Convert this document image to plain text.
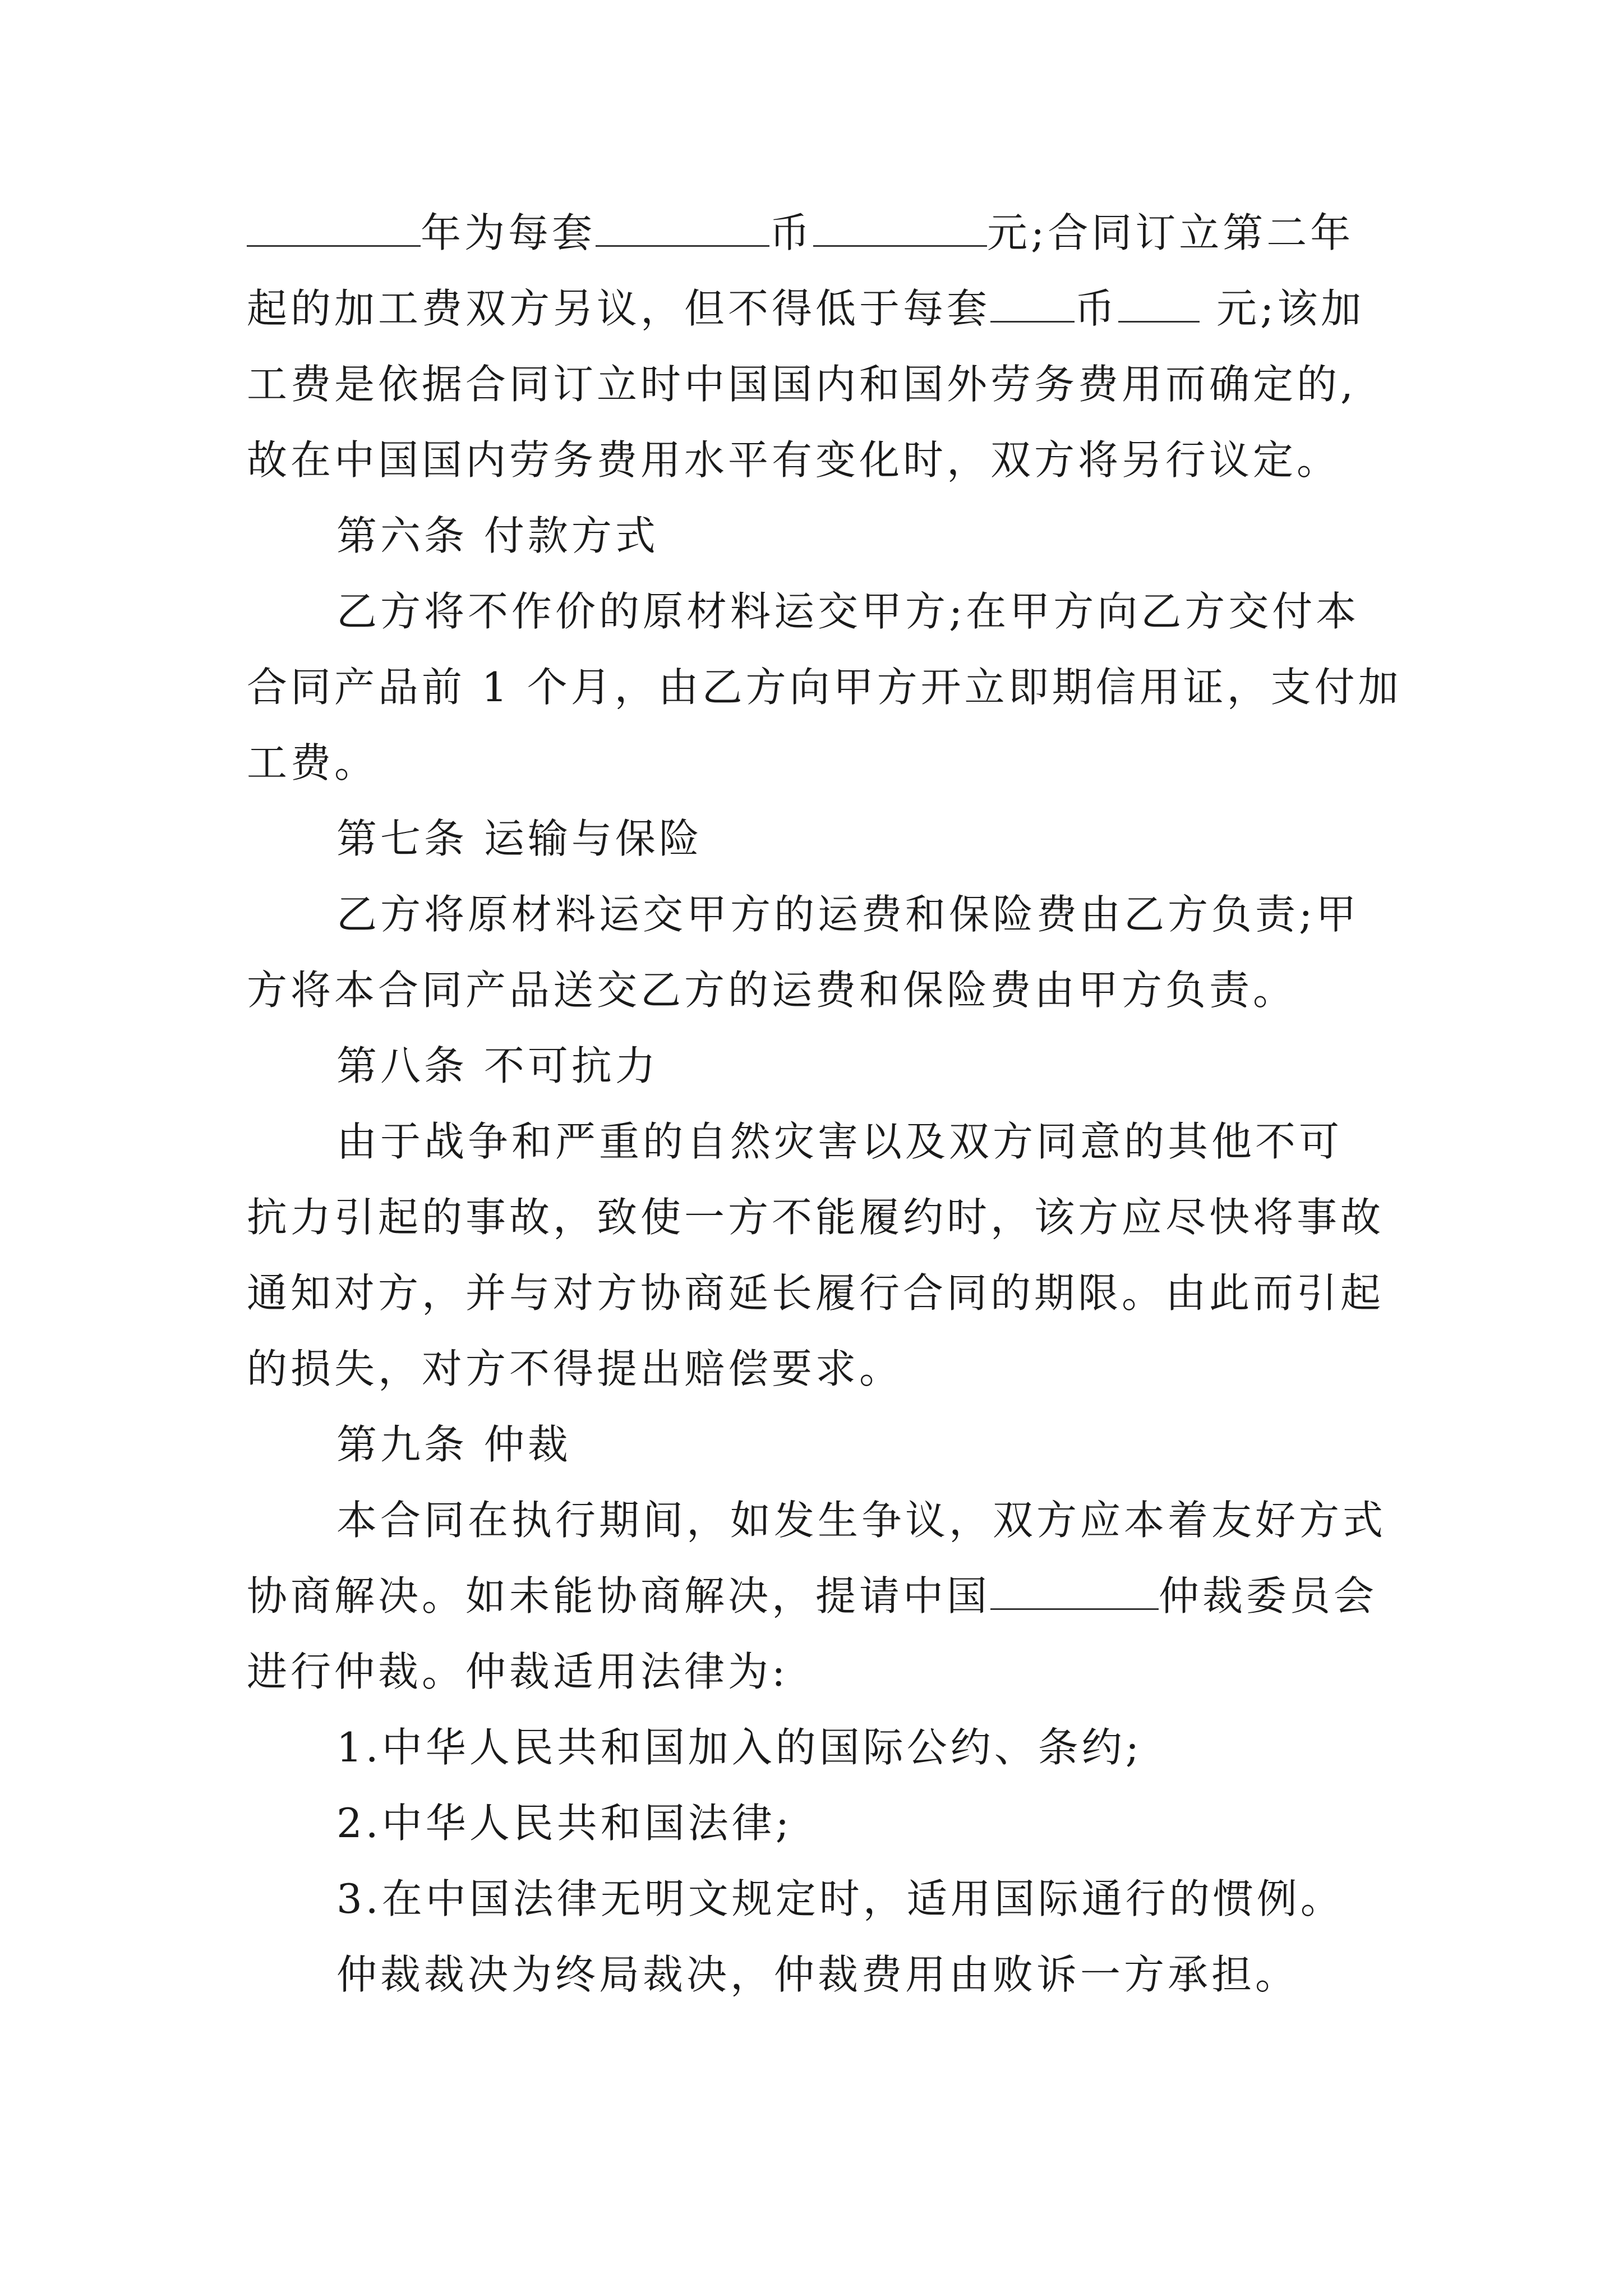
年为每套	币	元;合同订立第二年
起的加工费双方另议，但不得低于每套 币 元;该加
工费是依据合同订立时中国国内和国外劳务费用而确定的,
故在中国国内劳务费用水平有变化时，双方将另行议定。
第六条 付款方式
乙方将不作价的原材料运交甲方;在甲方向乙方交付本
合同产品前 1 个月，由乙方向甲方开立即期信用证，支付加
工费。
第七条 运输与保险
乙方将原材料运交甲方的运费和保险费由乙方负责;甲
方将本合同产品送交乙方的运费和保险费由甲方负责。
第八条 不可抗力
由于战争和严重的自然灾害以及双方同意的其他不可
抗力引起的事故，致使一方不能履约时，该方应尽快将事故
通知对方，并与对方协商延长履行合同的期限。由此而引起
的损失，对方不得提出赔偿要求。
第九条 仲裁
本合同在执行期间，如发生争议，双方应本着友好方式
协商解决。如未能协商解决，提请中国	仲裁委员会
进行仲裁。仲裁适用法律为:
1.中华人民共和国加入的国际公约、条约;
2.中华人民共和国法律;
3.在中国法律无明文规定时，适用国际通行的惯例。
仲裁裁决为终局裁决，仲裁费用由败诉一方承担。
